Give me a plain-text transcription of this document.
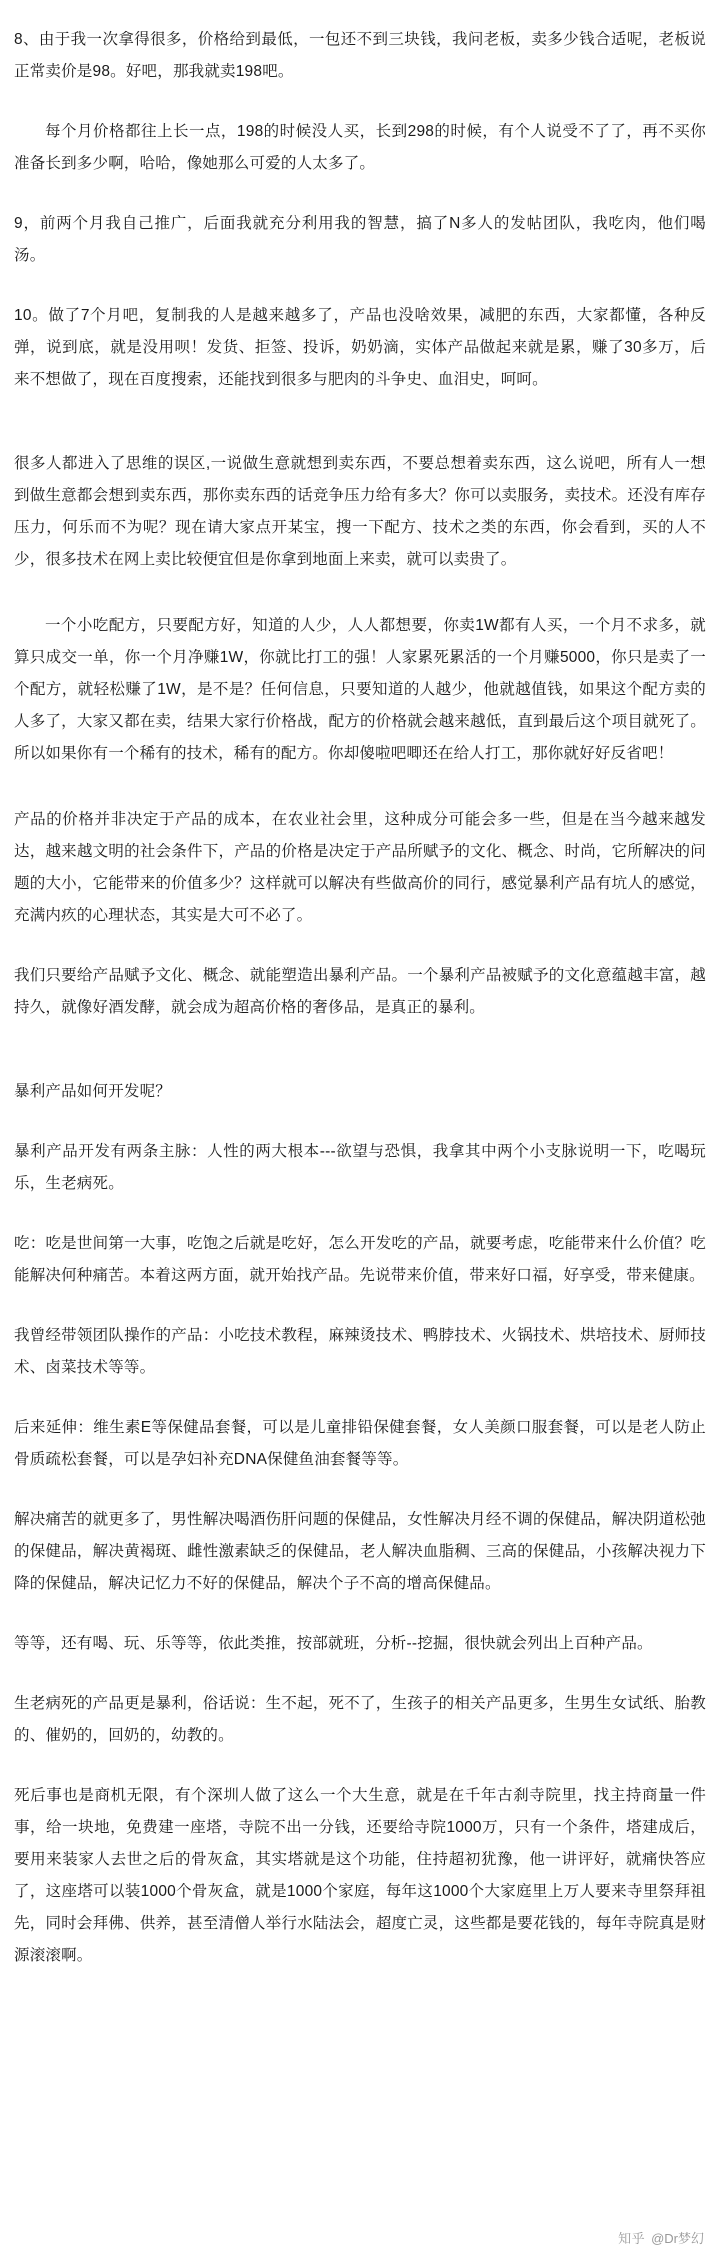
8、由于我一次拿得很多，价格给到最低，一包还不到三块钱，我问老板，卖多少钱合适呢，老板说正常卖价是98。好吧，那我就卖198吧。

每个月价格都往上长一点，198的时候没人买，长到298的时候，有个人说受不了了，再不买你准备长到多少啊，哈哈，像她那么可爱的人太多了。

9，前两个月我自己推广，后面我就充分利用我的智慧，搞了N多人的发帖团队，我吃肉，他们喝汤。

10。做了7个月吧，复制我的人是越来越多了，产品也没啥效果，减肥的东西，大家都懂，各种反弹，说到底，就是没用呗！发货、拒签、投诉，奶奶滴，实体产品做起来就是累，赚了30多万，后来不想做了，现在百度搜索，还能找到很多与肥肉的斗争史、血泪史，呵呵。

很多人都进入了思维的误区,一说做生意就想到卖东西，不要总想着卖东西，这么说吧，所有人一想到做生意都会想到卖东西，那你卖东西的话竞争压力给有多大？你可以卖服务，卖技术。还没有库存压力，何乐而不为呢？现在请大家点开某宝，搜一下配方、技术之类的东西，你会看到，买的人不少，很多技术在网上卖比较便宜但是你拿到地面上来卖，就可以卖贵了。

一个小吃配方，只要配方好，知道的人少，人人都想要，你卖1W都有人买，一个月不求多，就算只成交一单，你一个月净赚1W，你就比打工的强！人家累死累活的一个月赚5000，你只是卖了一个配方，就轻松赚了1W，是不是？任何信息，只要知道的人越少，他就越值钱，如果这个配方卖的人多了，大家又都在卖，结果大家行价格战，配方的价格就会越来越低，直到最后这个项目就死了。所以如果你有一个稀有的技术，稀有的配方。你却傻啦吧唧还在给人打工，那你就好好反省吧！

产品的价格并非决定于产品的成本，在农业社会里，这种成分可能会多一些，但是在当今越来越发达，越来越文明的社会条件下，产品的价格是决定于产品所赋予的文化、概念、时尚，它所解决的问题的大小，它能带来的价值多少？这样就可以解决有些做高价的同行，感觉暴利产品有坑人的感觉，充满内疚的心理状态，其实是大可不必了。

我们只要给产品赋予文化、概念、就能塑造出暴利产品。一个暴利产品被赋予的文化意蕴越丰富，越持久，就像好酒发酵，就会成为超高价格的奢侈品，是真正的暴利。

暴利产品如何开发呢？

暴利产品开发有两条主脉：人性的两大根本---欲望与恐惧，我拿其中两个小支脉说明一下，吃喝玩乐，生老病死。

吃：吃是世间第一大事，吃饱之后就是吃好，怎么开发吃的产品，就要考虑，吃能带来什么价值？吃能解决何种痛苦。本着这两方面，就开始找产品。先说带来价值，带来好口福，好享受，带来健康。

我曾经带领团队操作的产品：小吃技术教程，麻辣烫技术、鸭脖技术、火锅技术、烘培技术、厨师技术、卤菜技术等等。

后来延伸：维生素E等保健品套餐，可以是儿童排铅保健套餐，女人美颜口服套餐，可以是老人防止骨质疏松套餐，可以是孕妇补充DNA保健鱼油套餐等等。

解决痛苦的就更多了，男性解决喝酒伤肝问题的保健品，女性解决月经不调的保健品，解决阴道松弛的保健品，解决黄褐斑、雌性激素缺乏的保健品，老人解决血脂稠、三高的保健品，小孩解决视力下降的保健品，解决记忆力不好的保健品，解决个子不高的增高保健品。

等等，还有喝、玩、乐等等，依此类推，按部就班，分析--挖掘，很快就会列出上百种产品。

生老病死的产品更是暴利，俗话说：生不起，死不了，生孩子的相关产品更多，生男生女试纸、胎教的、催奶的，回奶的，幼教的。

死后事也是商机无限，有个深圳人做了这么一个大生意，就是在千年古刹寺院里，找主持商量一件事，给一块地，免费建一座塔，寺院不出一分钱，还要给寺院1000万，只有一个条件，塔建成后，要用来装家人去世之后的骨灰盒，其实塔就是这个功能，住持超初犹豫，他一讲评好，就痛快答应了，这座塔可以装1000个骨灰盒，就是1000个家庭，每年这1000个大家庭里上万人要来寺里祭拜祖先，同时会拜佛、供养，甚至清僧人举行水陆法会，超度亡灵，这些都是要花钱的，每年寺院真是财源滚滚啊。

知乎 @Dr梦幻
